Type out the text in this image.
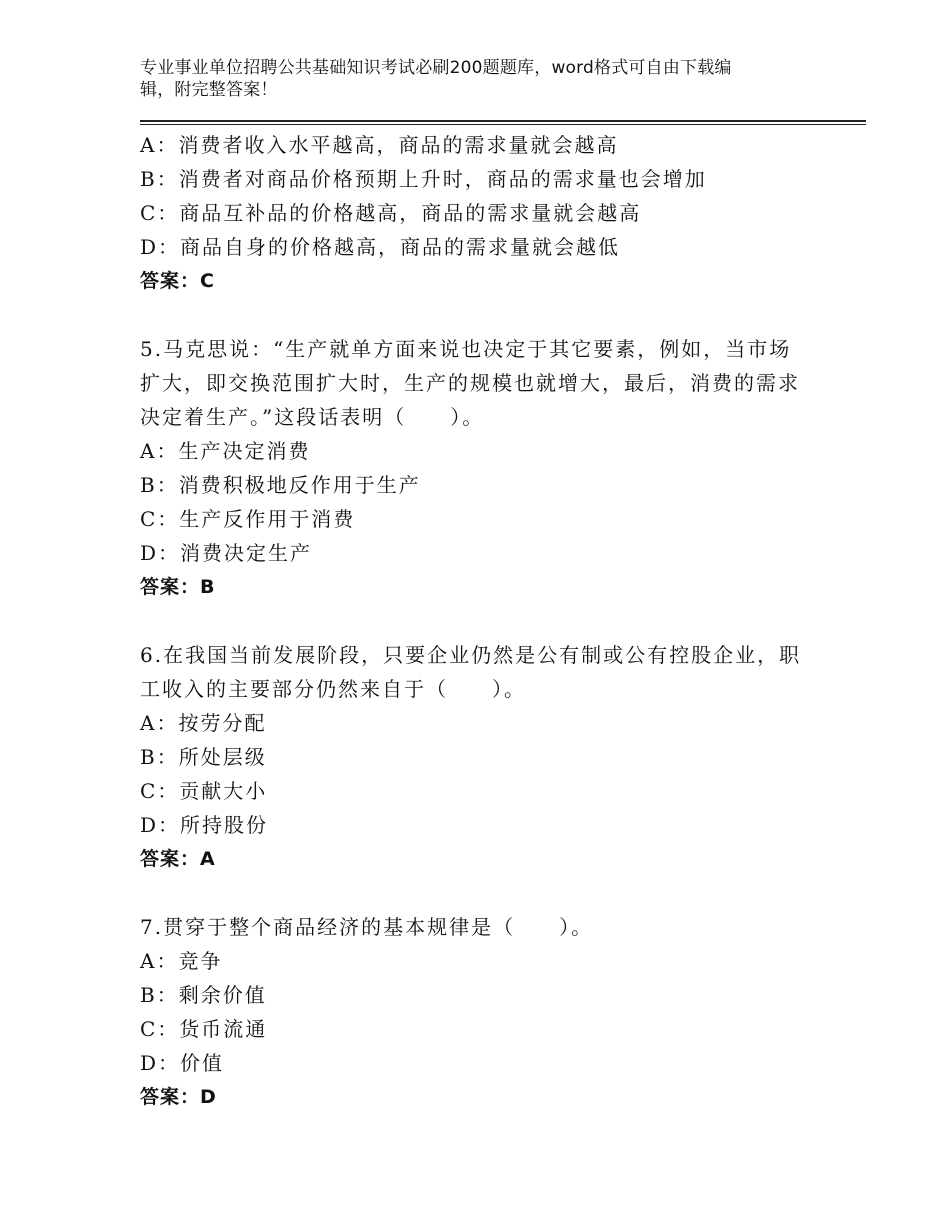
专业事业单位招聘公共基础知识考试必刷200题题库，word格式可自由下载编
辑，附完整答案！
A：消费者收入水平越高，商品的需求量就会越高
B：消费者对商品价格预期上升时，商品的需求量也会增加
C：商品互补品的价格越高，商品的需求量就会越高
D：商品自身的价格越高，商品的需求量就会越低
答案：C
5.马克思说：“生产就单方面来说也决定于其它要素，例如，当市场
扩大，即交换范围扩大时，生产的规模也就增大，最后，消费的需求
决定着生产。”这段话表明（　　）。
A：生产决定消费
B：消费积极地反作用于生产
C：生产反作用于消费
D：消费决定生产
答案：B
6.在我国当前发展阶段，只要企业仍然是公有制或公有控股企业，职
工收入的主要部分仍然来自于（　　）。
A：按劳分配
B：所处层级
C：贡献大小
D：所持股份
答案：A
7.贯穿于整个商品经济的基本规律是（　　）。
A：竞争
B：剩余价值
C：货币流通
D：价值
答案：D
